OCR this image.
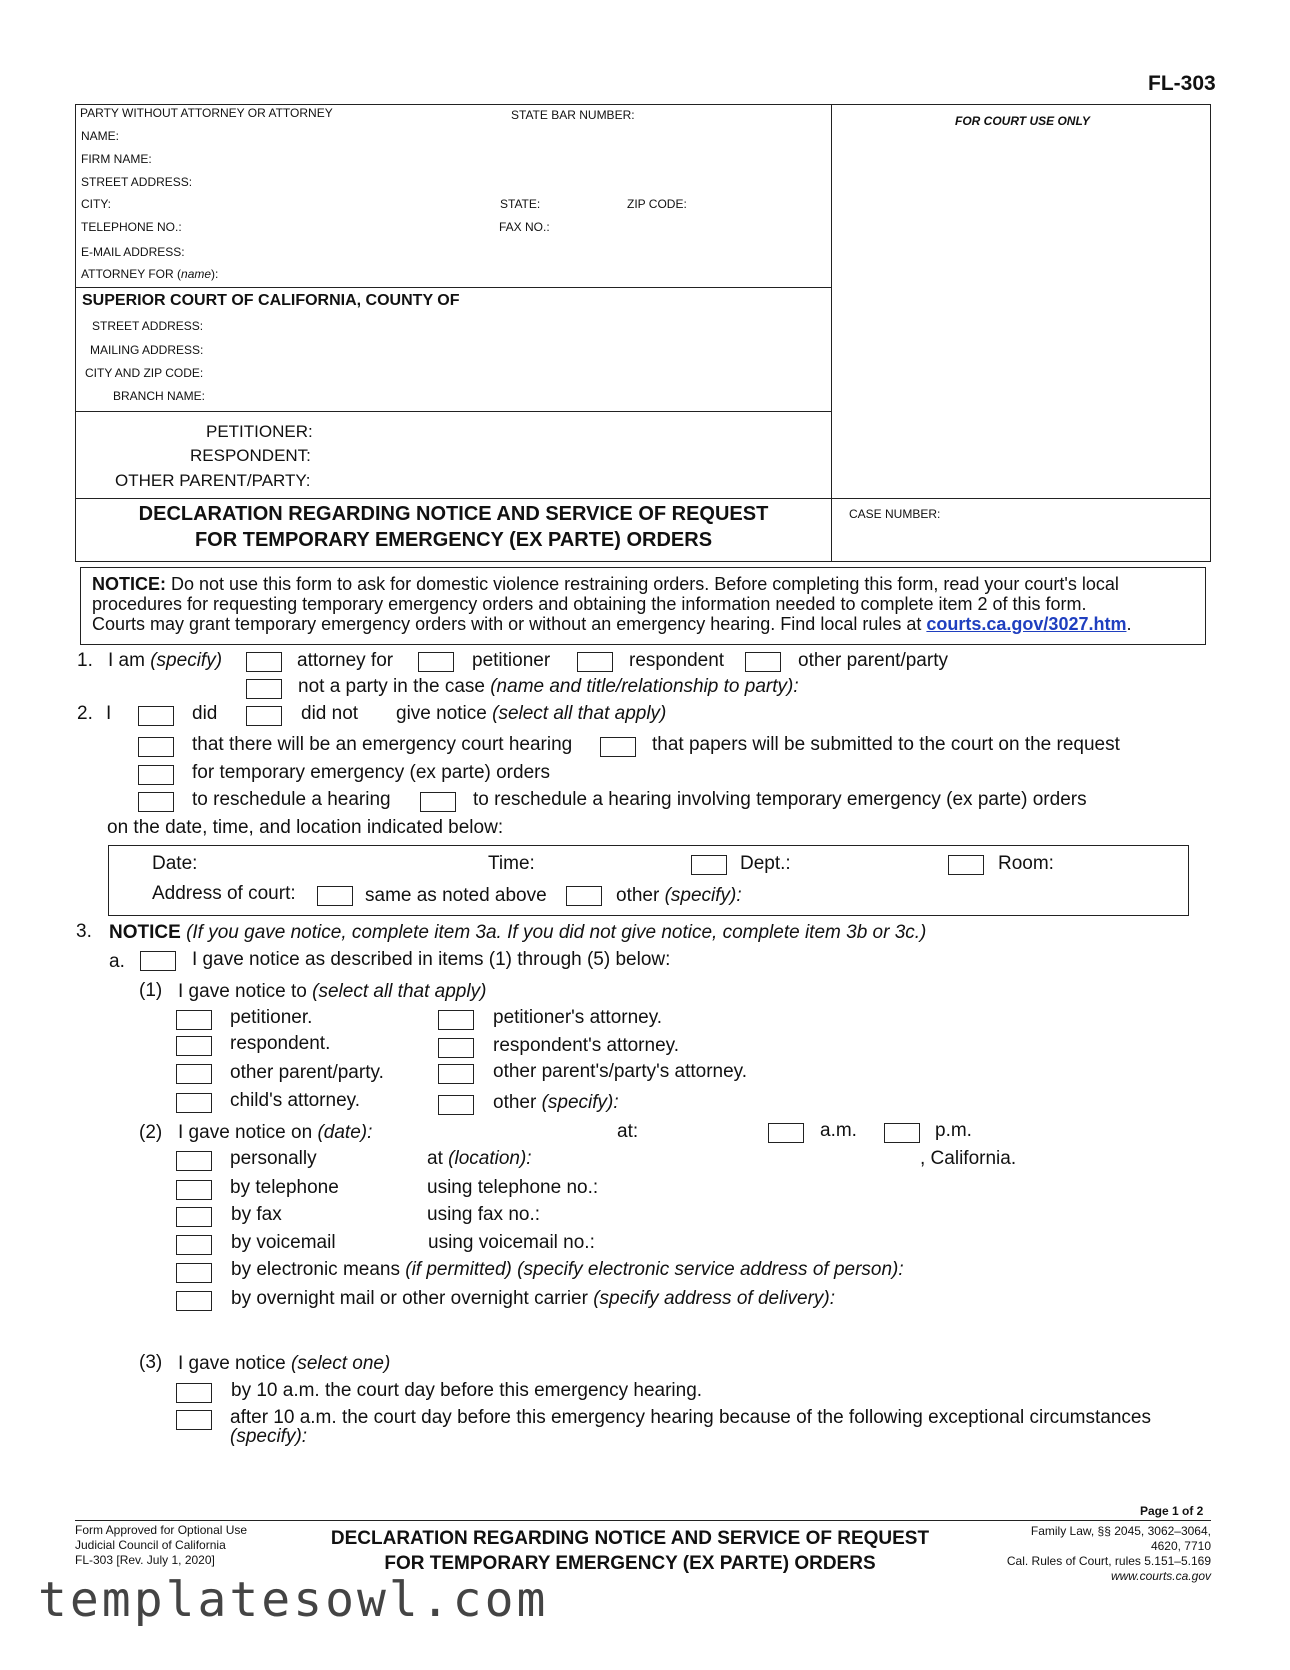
FL-303
PARTY WITHOUT ATTORNEY OR ATTORNEY	STATE BAR NUMBER:	FOR COURT USE ONLY
NAME:
FIRM NAME:
STREET ADDRESS:
CITY:	STATE:	ZIP CODE:
TELEPHONE NO.:	FAX NO.:
E-MAIL ADDRESS:
ATTORNEY FOR (name):
SUPERIOR COURT OF CALIFORNIA, COUNTY OF
STREET ADDRESS:
MAILING ADDRESS:
CITY AND ZIP CODE:
BRANCH NAME:
PETITIONER:
RESPONDENT:
OTHER PARENT/PARTY:
DECLARATION REGARDING NOTICE AND SERVICE OF REQUEST
FOR TEMPORARY EMERGENCY (EX PARTE) ORDERS
CASE NUMBER:
NOTICE: Do not use this form to ask for domestic violence restraining orders. Before completing this form, read your court's local
procedures for requesting temporary emergency orders and obtaining the information needed to complete item 2 of this form.
Courts may grant temporary emergency orders with or without an emergency hearing. Find local rules at courts.ca.gov/3027.htm.
1. I am (specify)	attorney for	petitioner	respondent	other parent/party
not a party in the case (name and title/relationship to party):
2. I	did	did not give notice (select all that apply)
that there will be an emergency court hearing	that papers will be submitted to the court on the request
for temporary emergency (ex parte) orders
to reschedule a hearing	to reschedule a hearing involving temporary emergency (ex parte) orders
on the date, time, and location indicated below:
Date:	Time:	Dept.:	Room:
Address of court:	same as noted above	other (specify):
3. NOTICE (If you gave notice, complete item 3a. If you did not give notice, complete item 3b or 3c.)
a.	I gave notice as described in items (1) through (5) below:
(1) I gave notice to (select all that apply)
petitioner.	petitioner's attorney.
respondent.	respondent's attorney.
other parent/party.	other parent's/party's attorney.
child's attorney.	other (specify):
(2) I gave notice on (date):	at:	a.m.	p.m.
personally	at (location):	, California.
by telephone	using telephone no.:
by fax	using fax no.:
by voicemail	using voicemail no.:
by electronic means (if permitted) (specify electronic service address of person):
by overnight mail or other overnight carrier (specify address of delivery):
(3) I gave notice (select one)
by 10 a.m. the court day before this emergency hearing.
after 10 a.m. the court day before this emergency hearing because of the following exceptional circumstances
(specify):
Page 1 of 2
Form Approved for Optional Use
Judicial Council of California
FL-303 [Rev. July 1, 2020]
DECLARATION REGARDING NOTICE AND SERVICE OF REQUEST
FOR TEMPORARY EMERGENCY (EX PARTE) ORDERS
Family Law, §§ 2045, 3062–3064,
4620, 7710
Cal. Rules of Court, rules 5.151–5.169
www.courts.ca.gov
templatesowl.com
